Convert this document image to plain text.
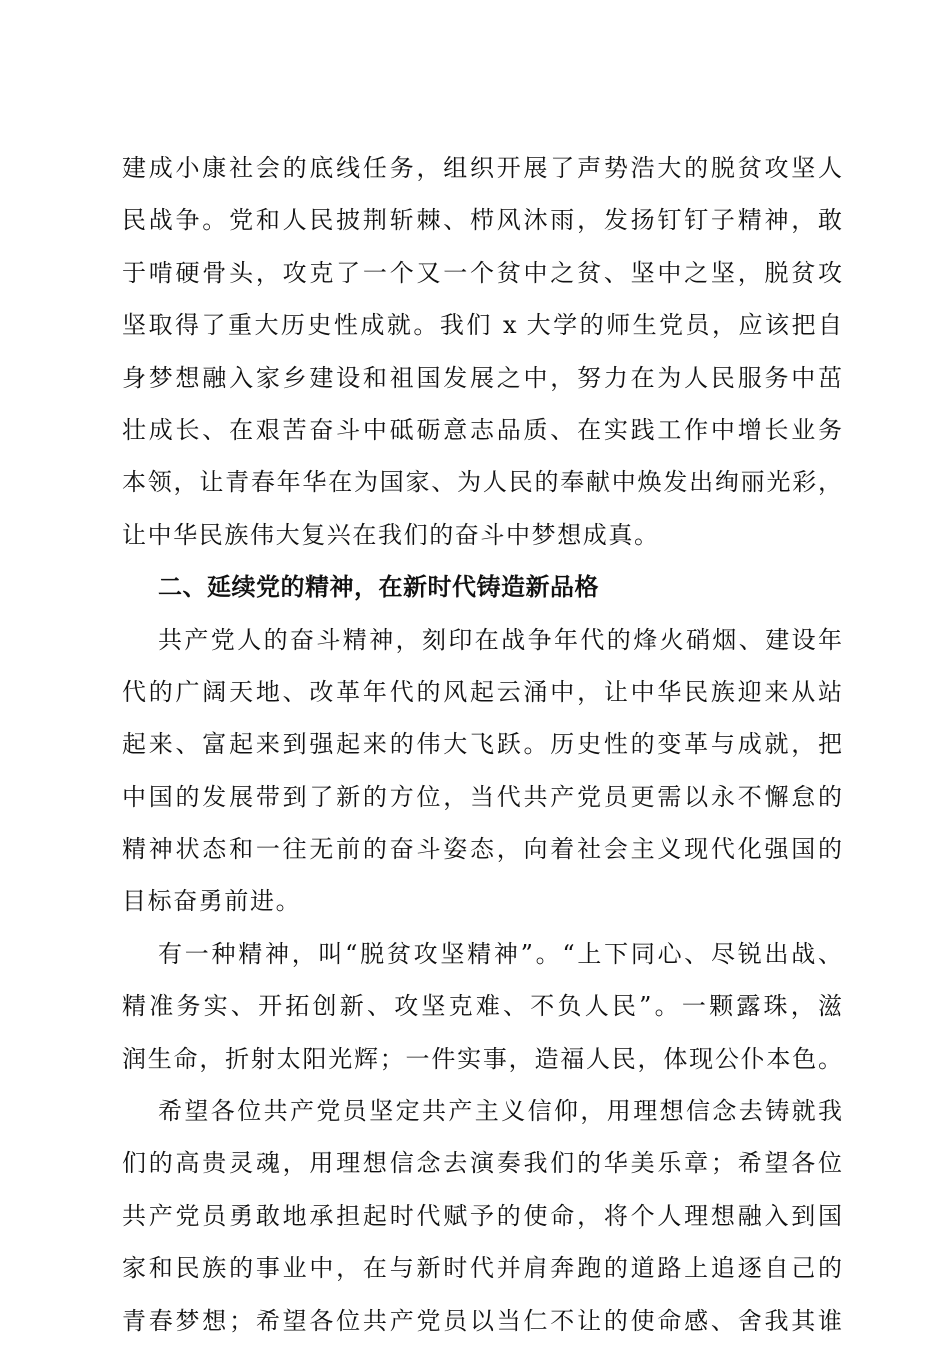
建成小康社会的底线任务，组织开展了声势浩大的脱贫攻坚人
民战争。党和人民披荆斩棘、栉风沐雨，发扬钉钉子精神，敢
于啃硬骨头，攻克了一个又一个贫中之贫、坚中之坚，脱贫攻
坚取得了重大历史性成就。我们 x 大学的师生党员，应该把自
身梦想融入家乡建设和祖国发展之中，努力在为人民服务中茁
壮成长、在艰苦奋斗中砥砺意志品质、在实践工作中增长业务
本领，让青春年华在为国家、为人民的奉献中焕发出绚丽光彩，
让中华民族伟大复兴在我们的奋斗中梦想成真。
二、延续党的精神，在新时代铸造新品格
共产党人的奋斗精神，刻印在战争年代的烽火硝烟、建设年
代的广阔天地、改革年代的风起云涌中，让中华民族迎来从站
起来、富起来到强起来的伟大飞跃。历史性的变革与成就，把
中国的发展带到了新的方位，当代共产党员更需以永不懈怠的
精神状态和一往无前的奋斗姿态，向着社会主义现代化强国的
目标奋勇前进。
有一种精神，叫“脱贫攻坚精神”。“上下同心、尽锐出战、
精准务实、开拓创新、攻坚克难、不负人民”。一颗露珠，滋
润生命，折射太阳光辉；一件实事，造福人民，体现公仆本色。
希望各位共产党员坚定共产主义信仰，用理想信念去铸就我
们的高贵灵魂，用理想信念去演奏我们的华美乐章；希望各位
共产党员勇敢地承担起时代赋予的使命，将个人理想融入到国
家和民族的事业中，在与新时代并肩奔跑的道路上追逐自己的
青春梦想；希望各位共产党员以当仁不让的使命感、舍我其谁
